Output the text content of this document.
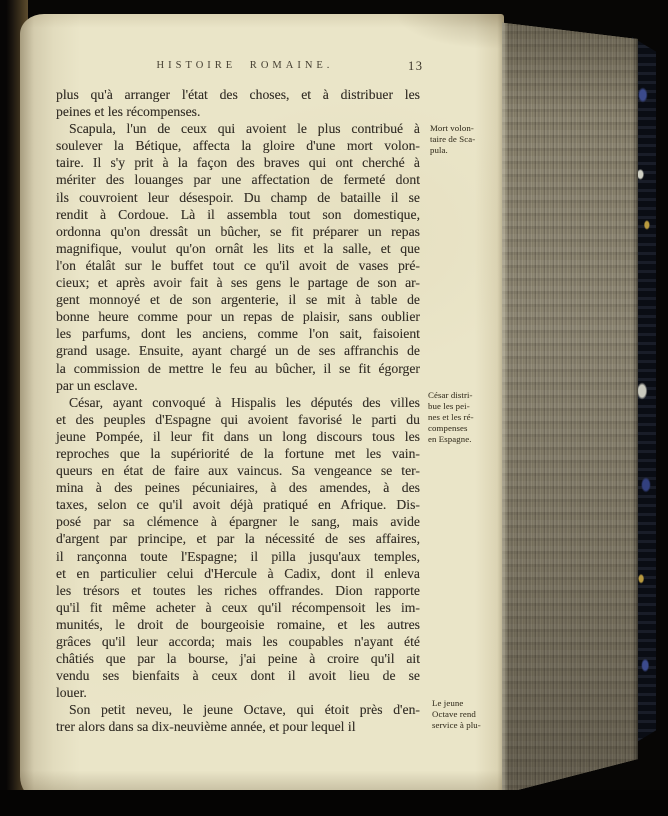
HISTOIRE ROMAINE.	13
plus qu'à arranger l'état des choses, et à distribuer les
peines et les récompenses.
Scapula, l'un de ceux qui avoient le plus contribué à
soulever la Bétique, affecta la gloire d'une mort volon-
taire. Il s'y prit à la façon des braves qui ont cherché à
mériter des louanges par une affectation de fermeté dont
ils couvroient leur désespoir. Du champ de bataille il se
rendit à Cordoue. Là il assembla tout son domestique,
ordonna qu'on dressât un bûcher, se fit préparer un repas
magnifique, voulut qu'on ornât les lits et la salle, et que
l'on étalât sur le buffet tout ce qu'il avoit de vases pré-
cieux; et après avoir fait à ses gens le partage de son ar-
gent monnoyé et de son argenterie, il se mit à table de
bonne heure comme pour un repas de plaisir, sans oublier
les parfums, dont les anciens, comme l'on sait, faisoient
grand usage. Ensuite, ayant chargé un de ses affranchis de
la commission de mettre le feu au bûcher, il se fit égorger
par un esclave.
César, ayant convoqué à Hispalis les députés des villes
et des peuples d'Espagne qui avoient favorisé le parti du
jeune Pompée, il leur fit dans un long discours tous les
reproches que la supériorité de la fortune met les vain-
queurs en état de faire aux vaincus. Sa vengeance se ter-
mina à des peines pécuniaires, à des amendes, à des
taxes, selon ce qu'il avoit déjà pratiqué en Afrique. Dis-
posé par sa clémence à épargner le sang, mais avide
d'argent par principe, et par la nécessité de ses affaires,
il rançonna toute l'Espagne; il pilla jusqu'aux temples,
et en particulier celui d'Hercule à Cadix, dont il enleva
les trésors et toutes les riches offrandes. Dion rapporte
qu'il fit même acheter à ceux qu'il récompensoit les im-
munités, le droit de bourgeoisie romaine, et les autres
grâces qu'il leur accorda; mais les coupables n'ayant été
châtiés que par la bourse, j'ai peine à croire qu'il ait
vendu ses bienfaits à ceux dont il avoit lieu de se
louer.
Son petit neveu, le jeune Octave, qui étoit près d'en-
trer alors dans sa dix-neuvième année, et pour lequel il
Mort volon-
taire de Sca-
pula.
César distri-
bue les pei-
nes et les ré-
compenses
en Espagne.
Le jeune
Octave rend
service à plu-
